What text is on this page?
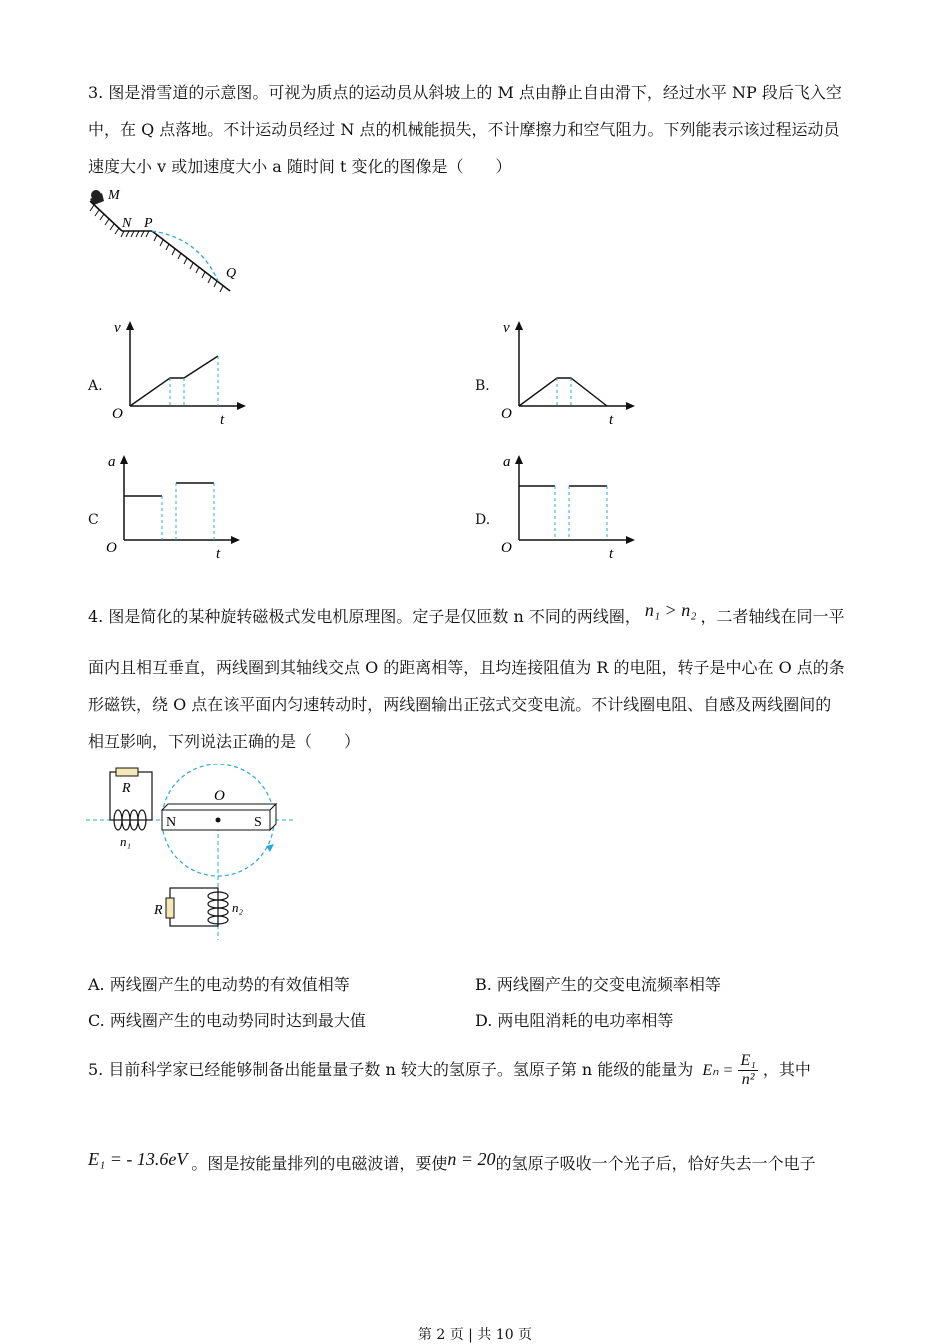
3. 图是滑雪道的示意图。可视为质点的运动员从斜坡上的 M 点由静止自由滑下，经过水平 NP 段后飞入空
中，在 Q 点落地。不计运动员经过 N 点的机械能损失，不计摩擦力和空气阻力。下列能表示该过程运动员
速度大小 v 或加速度大小 a 随时间 t 变化的图像是（　　）
M
N P
Q
A.
v
t
O
B.
v
t
O
C
a
t
O
D.
a
t
O
4. 图是简化的某种旋转磁极式发电机原理图。定子是仅匝数 n 不同的两线圈， n₁ > n₂ ，二者轴线在同一平
面内且相互垂直，两线圈到其轴线交点 O 的距离相等，且均连接阻值为 R 的电阻，转子是中心在 O 点的条
形磁铁，绕 O 点在该平面内匀速转动时，两线圈输出正弦式交变电流。不计线圈电阻、自感及两线圈间的
相互影响，下列说法正确的是（　　）
N	S
O
R
n₁
R	n₂
A. 两线圈产生的电动势的有效值相等	B. 两线圈产生的交变电流频率相等
C. 两线圈产生的电动势同时达到最大值	D. 两电阻消耗的电功率相等
5. 目前科学家已经能够制备出能量量子数 n 较大的氢原子。氢原子第 n 能级的能量为 $E_n = \frac{\text{E₁}}{\text{n²}}$ ，其中
E₁ = - 13.6eV 。图是按能量排列的电磁波谱，要使n = 20的氢原子吸收一个光子后，恰好失去一个电子
第 2 页 | 共 10 页
